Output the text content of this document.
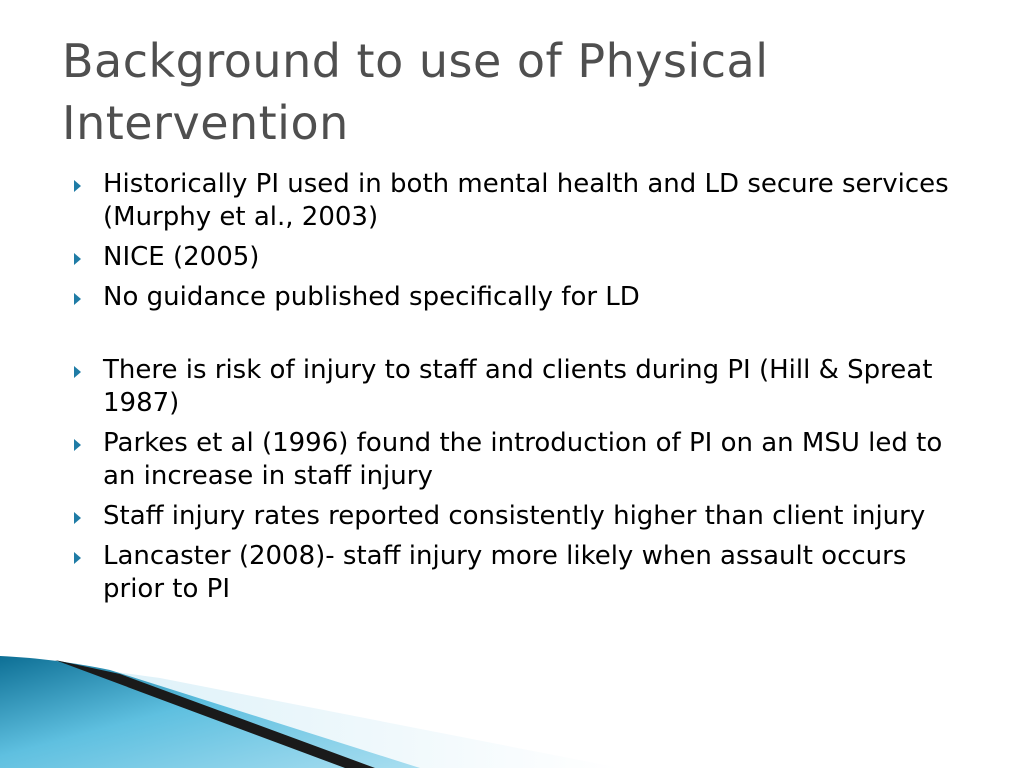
Background to use of Physical Intervention
Historically PI used in both mental health and LD secure services (Murphy et al., 2003)
NICE (2005)
No guidance published specifically for LD
There is risk of injury to staff and clients during PI (Hill & Spreat 1987)
Parkes et al (1996) found the introduction of PI on an MSU led to an increase in staff injury
Staff injury rates reported consistently higher than client injury
Lancaster (2008)- staff injury more likely when assault occurs prior to PI
